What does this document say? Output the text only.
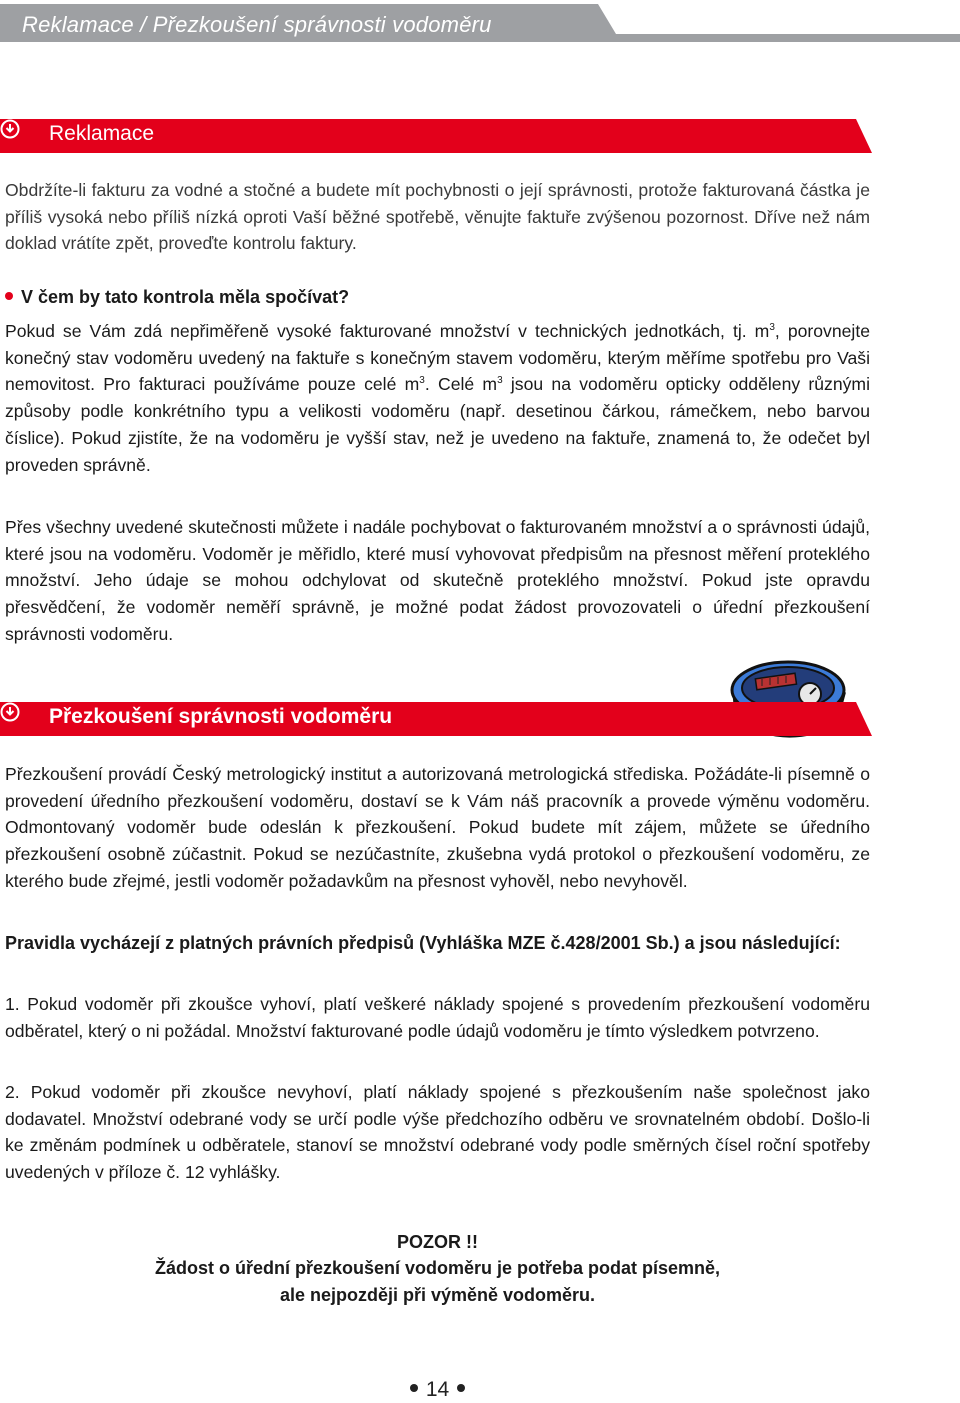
Reklamace / Přezkoušení správnosti vodoměru
Reklamace

Obdržíte-li fakturu za vodné a stočné a budete mít pochybnosti o její správnosti, protože fakturovaná částka je příliš vysoká nebo příliš nízká oproti Vaší běžné spotřebě, věnujte faktuře zvýšenou pozornost. Dříve než nám doklad vrátíte zpět, proveďte kontrolu faktury.

V čem by tato kontrola měla spočívat?

Pokud se Vám zdá nepřiměřeně vysoké fakturované množství v technických jednotkách, tj. $m^3$, porovnejte konečný stav vodoměru uvedený na faktuře s konečným stavem vodoměru, kterým měříme spotřebu pro Vaši nemovitost. Pro fakturaci používáme pouze celé $m^3$. Celé $m^3$ jsou na vodoměru opticky odděleny různými způsoby podle konkrétního typu a velikosti vodoměru (např. desetinou čárkou, rámečkem, nebo barvou číslice). Pokud zjistíte, že na vodoměru je vyšší stav, než je uvedeno na faktuře, znamená to, že odečet byl proveden správně.

Přes všechny uvedené skutečnosti můžete i nadále pochybovat o fakturovaném množství a o správnosti údajů, které jsou na vodoměru. Vodoměr je měřidlo, které musí vyhovovat předpisům na přesnost měření proteklého množství. Jeho údaje se mohou odchylovat od skutečně proteklého množství. Pokud jste opravdu přesvědčení, že vodoměr neměří správně, je možné podat žádost provozovateli o úřední přezkoušení správnosti vodoměru.

Přezkoušení správnosti vodoměru

Přezkoušení provádí Český metrologický institut a autorizovaná metrologická střediska. Požádáte-li písemně o provedení úředního přezkoušení vodoměru, dostaví se k Vám náš pracovník a provede výměnu vodoměru. Odmontovaný vodoměr bude odeslán k přezkoušení. Pokud budete mít zájem, můžete se úředního přezkoušení osobně zúčastnit. Pokud se nezúčastníte, zkušebna vydá protokol o přezkoušení vodoměru, ze kterého bude zřejmé, jestli vodoměr požadavkům na přesnost vyhověl, nebo nevyhověl.

Pravidla vycházejí z platných právních předpisů (Vyhláška MZE č.428/2001 Sb.) a jsou následující:

1. Pokud vodoměr při zkoušce vyhoví, platí veškeré náklady spojené s provedením přezkoušení vodoměru odběratel, který o ni požádal. Množství fakturované podle údajů vodoměru je tímto výsledkem potvrzeno.

2. Pokud vodoměr při zkoušce nevyhoví, platí náklady spojené s přezkoušením naše společnost jako dodavatel. Množství odebrané vody se určí podle výše předchozího odběru ve srovnatelném období. Došlo-li ke změnám podmínek u odběratele, stanoví se množství odebrané vody podle směrných čísel roční spotřeby uvedených v příloze č. 12 vyhlášky.

POZOR !!
Žádost o úřední přezkoušení vodoměru je potřeba podat písemně,
ale nejpozději při výměně vodoměru.
14
